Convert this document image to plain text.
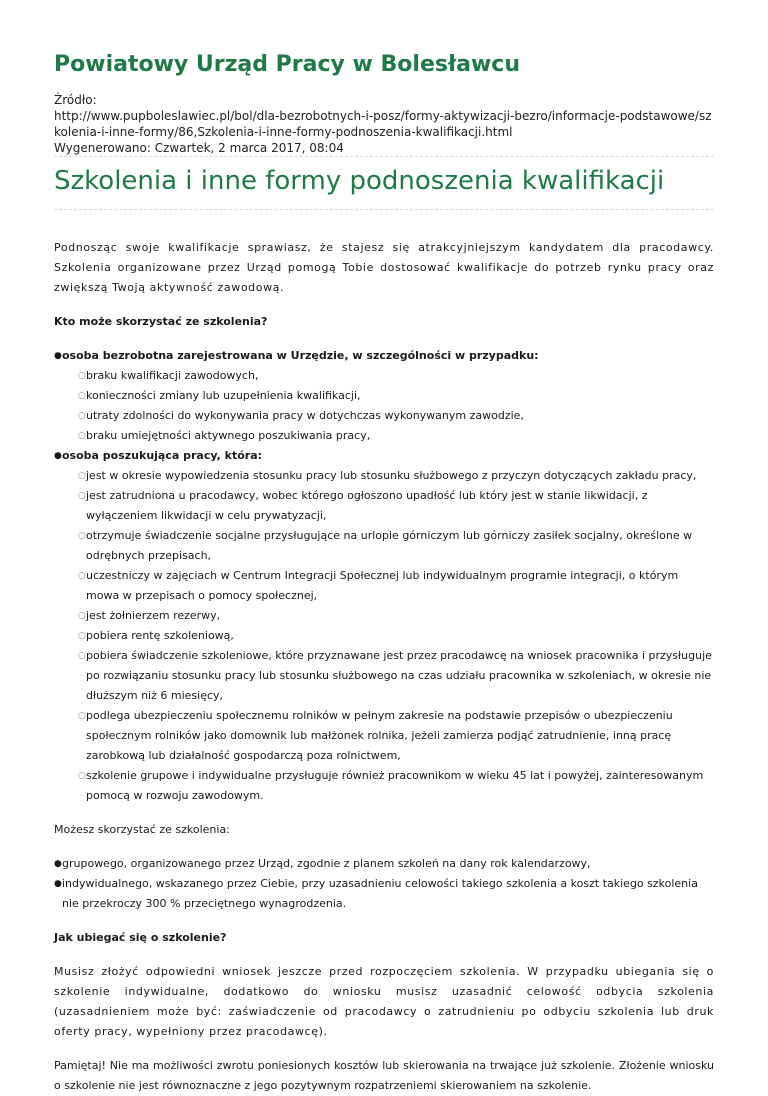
Powiatowy Urząd Pracy w Bolesławcu
Źródło:
http://www.pupboleslawiec.pl/bol/dla-bezrobotnych-i-posz/formy-aktywizacji-bezro/informacje-podstawowe/szkolenia-i-inne-formy/86,Szkolenia-i-inne-formy-podnoszenia-kwalifikacji.html
Wygenerowano: Czwartek, 2 marca 2017, 08:04
Szkolenia i inne formy podnoszenia kwalifikacji

Podnosząc swoje kwalifikacje sprawiasz, że stajesz się atrakcyjniejszym kandydatem dla pracodawcy. Szkolenia organizowane przez Urząd pomogą Tobie dostosować kwalifikacje do potrzeb rynku pracy oraz zwiększą Twoją aktywność zawodową.

Kto może skorzystać ze szkolenia?
● osoba bezrobotna zarejestrowana w Urzędzie, w szczególności w przypadku:
○ braku kwalifikacji zawodowych,
○ konieczności zmiany lub uzupełnienia kwalifikacji,
○ utraty zdolności do wykonywania pracy w dotychczas wykonywanym zawodzie,
○ braku umiejętności aktywnego poszukiwania pracy,
● osoba poszukująca pracy, która:
○ jest w okresie wypowiedzenia stosunku pracy lub stosunku służbowego z przyczyn dotyczących zakładu pracy,
○ jest zatrudniona u pracodawcy, wobec którego ogłoszono upadłość lub który jest w stanie likwidacji, z wyłączeniem likwidacji w celu prywatyzacji,
○ otrzymuje świadczenie socjalne przysługujące na urlopie górniczym lub górniczy zasiłek socjalny, określone w odrębnych przepisach,
○ uczestniczy w zajęciach w Centrum Integracji Społecznej lub indywidualnym programie integracji, o którym mowa w przepisach o pomocy społecznej,
○ jest żołnierzem rezerwy,
○ pobiera rentę szkoleniową,
○ pobiera świadczenie szkoleniowe, które przyznawane jest przez pracodawcę na wniosek pracownika i przysługuje po rozwiązaniu stosunku pracy lub stosunku służbowego na czas udziału pracownika w szkoleniach, w okresie nie dłuższym niż 6 miesięcy,
○ podlega ubezpieczeniu społecznemu rolników w pełnym zakresie na podstawie przepisów o ubezpieczeniu społecznym rolników jako domownik lub małżonek rolnika, jeżeli zamierza podjąć zatrudnienie, inną pracę zarobkową lub działalność gospodarczą poza rolnictwem,
○ szkolenie grupowe i indywidualne przysługuje również pracownikom w wieku 45 lat i powyżej, zainteresowanym pomocą w rozwoju zawodowym.

Możesz skorzystać ze szkolenia:

● grupowego, organizowanego przez Urząd, zgodnie z planem szkoleń na dany rok kalendarzowy,
● indywidualnego, wskazanego przez Ciebie, przy uzasadnieniu celowości takiego szkolenia a koszt takiego szkolenia nie przekroczy 300 % przeciętnego wynagrodzenia.
Jak ubiegać się o szkolenie?

Musisz złożyć odpowiedni wniosek jeszcze przed rozpoczęciem szkolenia. W przypadku ubiegania się o szkolenie indywidualne, dodatkowo do wniosku musisz uzasadnić celowość odbycia szkolenia (uzasadnieniem może być: zaświadczenie od pracodawcy o zatrudnieniu po odbyciu szkolenia lub druk oferty pracy, wypełniony przez pracodawcę).

Pamiętaj! Nie ma możliwości zwrotu poniesionych kosztów lub skierowania na trwające już szkolenie. Złożenie wniosku o szkolenie nie jest równoznaczne z jego pozytywnym rozpatrzeniemi skierowaniem na szkolenie.
